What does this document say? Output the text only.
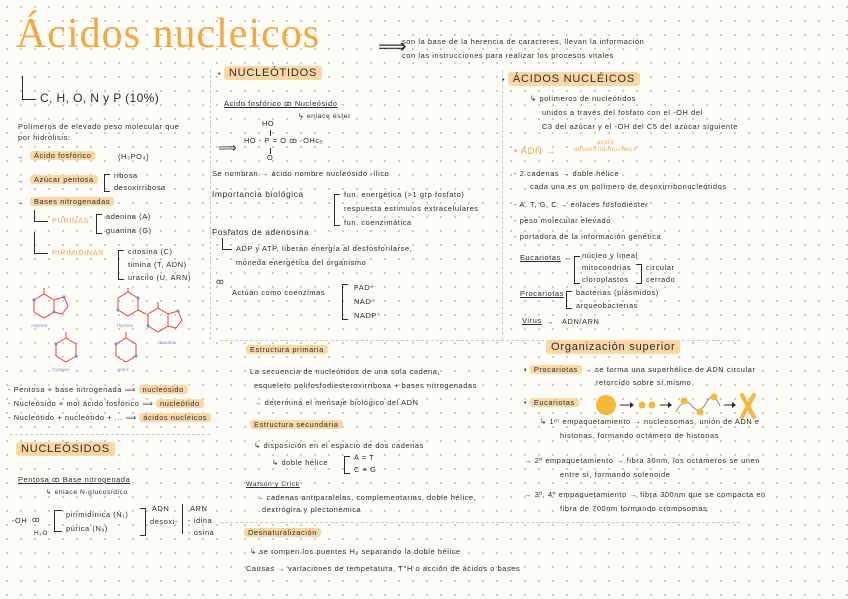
Ácidos nucleicos	⟹
son la base de la herencia de caracteres, llevan la información
con las instrucciones para realizar los procesos vitales
C, H, O, N y P (10%)
Polímeros de elevado peso molecular que
por hidrólisis:
→	Ácido fosfórico	(H₃PO₄)
→	Azúcar pentosa	ribosa
desoxirribosa
→	Bases nitrogenadas
PURINAS adenina (A)
guanina (G)
PIRIMIDINAS	citosina (C)
timina (T, ADN)
uracilo (U, ARN)
Adenine	Thymine
Guanine
Cytosine	Uracil
- Pentosa + base nitrogenada ⟹ nucleósido
- Nucleósido + mol ácido fosfórico ⟹ nucleótido
- Nucleótido + nucleótido + ... ⟹ ácidos nucleicos
NUCLEÓSIDOS
Pentosa ꝏ Base nitrogenada
↳ enlace N-glucosídico
-OH ꝏ
H₂O
pirimidínica (N₁)
púrica (N₉)
ADN
desoxi-
ARN
- idina
- osina
• NUCLEÓTIDOS
Ácido fosfórico ꝏ Nucleósido
↳ enlace éster
HO
HO - P = O ꝏ -OHc₅
O
⟹
Se nombran → ácido nombre nucleósido -ílico
Importancia biológica	fun. energética (>1 grp fosfato)
respuesta estímulos extracelulares
fun. coenzimática
Fosfatos de adenosina
ADP y ATP, liberan energía al desfosforilarse,
moneda energética del organismo
ꝏ
Actúan como coenzimas
FAD⁺
NAD⁺
NADP⁺
Estructura primaria
La secuencia de nucleótidos de una sola cadena,
esqueleto polifosfodiesteroxirribosa + bases nitrogenadas
→ determina el mensaje biológico del ADN
Estructura secundaria
↳ disposición en el espacio de dos cadenas
↳ doble hélice
A = T
C ≡ G
Watson y Crick
→ cadenas antiparalelas, complementarias, doble hélice,
dextrógira y plectonémica
Desnaturalización
↳ se rompen los puentes H₂ separando la doble hélice
Causas → variaciones de temperatura, T°H o acción de ácidos o bases
• ÁCIDOS NUCLÉICOS
↳ polímeros de nucleótidos
unidos a través del fosfato con el -OH del
C3 del azúcar y el -OH del C5 del azúcar siguiente
• ADN →
ácido
desoxirribonucleico
- 2 cadenas → doble hélice
cada una es un polímero de desoxirribonucleótidos
- A, T, G, C → enlaces fosfodiéster
- peso molecular elevado
- portadora de la información genética
Eucariotas → núcleo y lineal
mitocondrias
cloroplastos
circular
cerrado
Procariotas bacterias (plásmidos)
arqueobacterias
Virus → ADN/ARN
Organización superior
• Procariotas → se forma una superhélice de ADN circular
retorcido sobre sí mismo
• Eucariotas
↳ 1ᵉʳ empaquetamiento → nucleosomas, unión de ADN e
histonas, formando octámero de histonas
→ 2º empaquetamiento → fibra 30nm, los octámeros se unen
entre sí, formando solenoide
→ 3º, 4º empaquetamiento → fibra 300nm que se compacta en
fibra de 700nm formando cromosomas
